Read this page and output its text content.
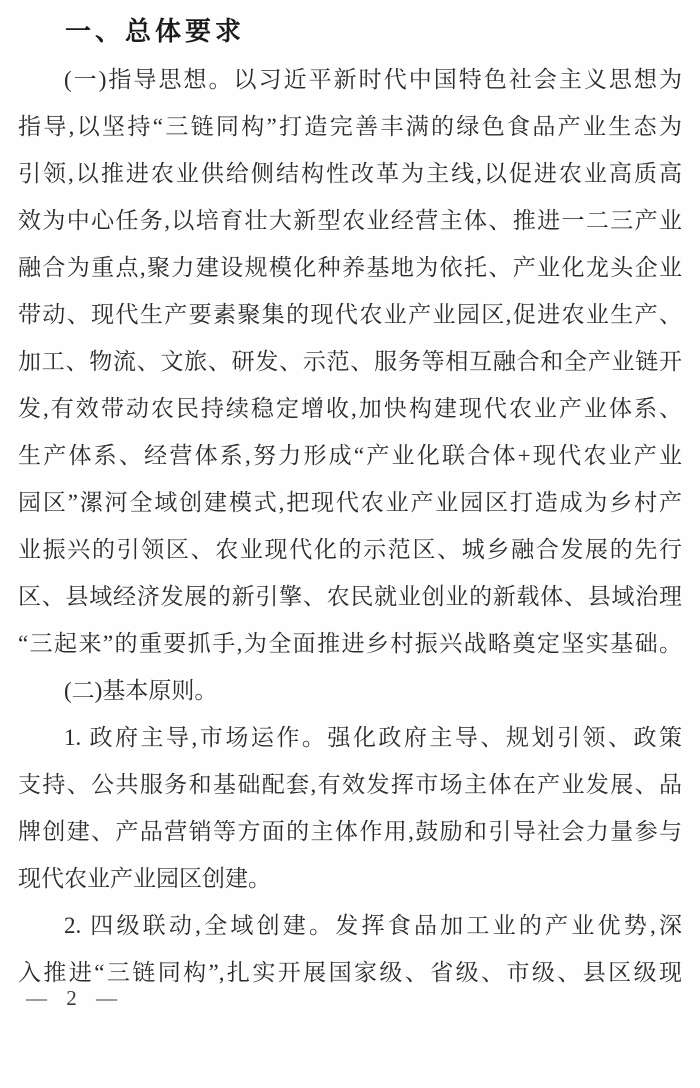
一、总体要求
(一)指导思想。以习近平新时代中国特色社会主义思想为
指导,以坚持“三链同构”打造完善丰满的绿色食品产业生态为
引领,以推进农业供给侧结构性改革为主线,以促进农业高质高
效为中心任务,以培育壮大新型农业经营主体、推进一二三产业
融合为重点,聚力建设规模化种养基地为依托、产业化龙头企业
带动、现代生产要素聚集的现代农业产业园区,促进农业生产、
加工、物流、文旅、研发、示范、服务等相互融合和全产业链开
发,有效带动农民持续稳定增收,加快构建现代农业产业体系、
生产体系、经营体系,努力形成“产业化联合体+现代农业产业
园区”漯河全域创建模式,把现代农业产业园区打造成为乡村产
业振兴的引领区、农业现代化的示范区、城乡融合发展的先行
区、县域经济发展的新引擎、农民就业创业的新载体、县域治理
“三起来”的重要抓手,为全面推进乡村振兴战略奠定坚实基础。
(二)基本原则。
1. 政府主导,市场运作。强化政府主导、规划引领、政策
支持、公共服务和基础配套,有效发挥市场主体在产业发展、品
牌创建、产品营销等方面的主体作用,鼓励和引导社会力量参与
现代农业产业园区创建。
2. 四级联动,全域创建。发挥食品加工业的产业优势,深
入推进“三链同构”,扎实开展国家级、省级、市级、县区级现
— 2 —
